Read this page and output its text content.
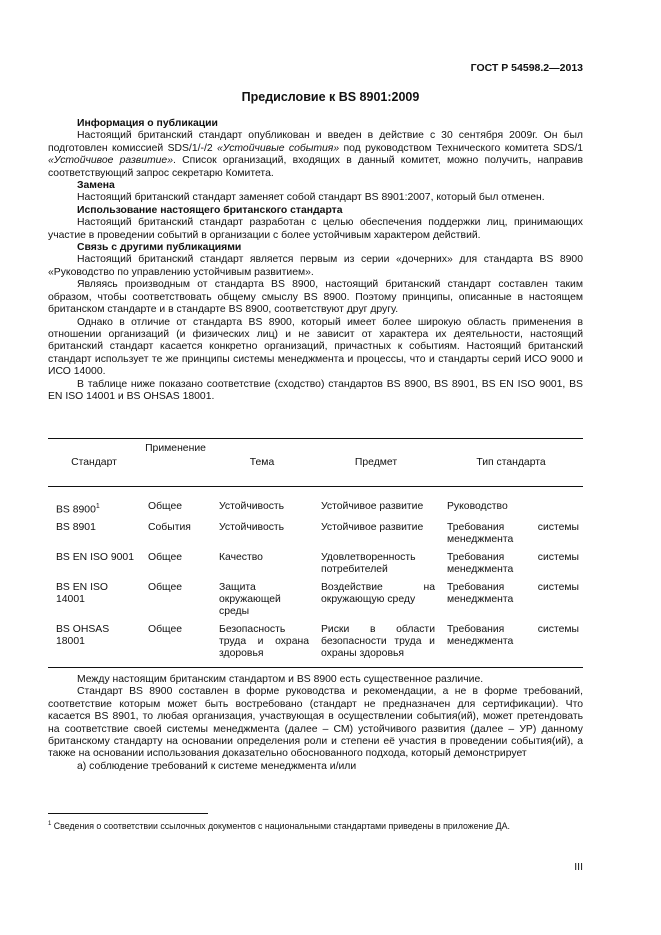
ГОСТ Р 54598.2—2013
Предисловие к BS 8901:2009

Информация о публикации

Настоящий британский стандарт опубликован и введен в действие с 30 сентября 2009г. Он был подготовлен комиссией SDS/1/-/2 «Устойчивые события» под руководством Технического комитета SDS/1 «Устойчивое развитие». Список организаций, входящих в данный комитет, можно получить, направив соответствующий запрос секретарю Комитета.

Замена

Настоящий британский стандарт заменяет собой стандарт BS 8901:2007, который был отменен.

Использование настоящего британского стандарта

Настоящий британский стандарт разработан с целью обеспечения поддержки лиц, принимающих участие в проведении событий в организации с более устойчивым характером действий.

Связь с другими публикациями

Настоящий британский стандарт является первым из серии «дочерних» для стандарта BS 8900 «Руководство по управлению устойчивым развитием».

Являясь производным от стандарта BS 8900, настоящий британский стандарт составлен таким образом, чтобы соответствовать общему смыслу BS 8900. Поэтому принципы, описанные в настоящем британском стандарте и в стандарте BS 8900, соответствуют друг другу.

Однако в отличие от стандарта BS 8900, который имеет более широкую область применения в отношении организаций (и физических лиц) и не зависит от характера их деятельности, настоящий британский стандарт касается конкретно организаций, причастных к событиям. Настоящий британский стандарт использует те же принципы системы менеджмента и процессы, что и стандарты серий ИСО 9000 и ИСО 14000.

В таблице ниже показано соответствие (сходство) стандартов BS 8900, BS 8901, BS EN ISO 9001, BS EN ISO 14001 и BS OHSAS 18001.

Стандарт	Применение	Тема	Предмет	Тип стандарта
BS 8900$^1$	Общее	Устойчивость	Устойчивое развитие	Руководство
BS 8901	События	Устойчивость	Устойчивое развитие	Требования системы менеджмента
BS EN ISO 9001	Общее	Качество	Удовлетворенность потребителей	Требования системы менеджмента
BS EN ISO 14001	Общее	Защита окружающей среды	Воздействие на окружающую среду	Требования системы менеджмента
BS OHSAS 18001	Общее	Безопасность труда и охрана здоровья	Риски в области безопасности труда и охраны здоровья	Требования системы менеджмента

Между настоящим британским стандартом и BS 8900 есть существенное различие.

Стандарт BS 8900 составлен в форме руководства и рекомендации, а не в форме требований, соответствие которым может быть востребовано (стандарт не предназначен для сертификации). Что касается BS 8901, то любая организация, участвующая в осуществлении события(ий), может претендовать на соответствие своей системы менеджмента (далее – СМ) устойчивого развития (далее – УР) данному британскому стандарту на основании определения роли и степени её участия в проведении события(ий), а также на основании использования доказательно обоснованного подхода, который демонстрирует

а) соблюдение требований к системе менеджмента и/или

$^1$ Сведения о соответствии ссылочных документов с национальными стандартами приведены в приложение ДА.
III
